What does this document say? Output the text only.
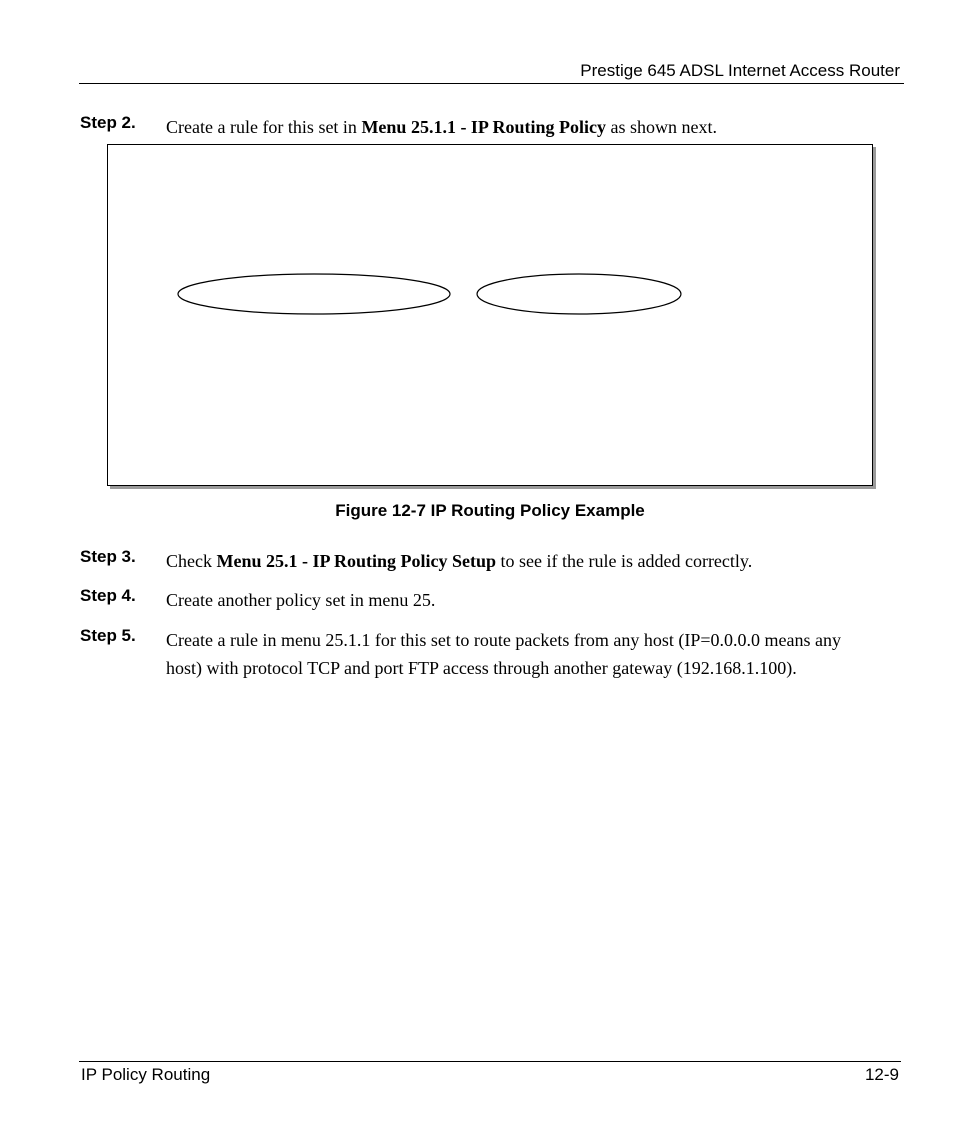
Prestige 645 ADSL Internet Access Router
Step 2. Create a rule for this set in Menu 25.1.1 - IP Routing Policy as shown next.
Figure 12-7 IP Routing Policy Example
Step 3. Check Menu 25.1 - IP Routing Policy Setup to see if the rule is added correctly.
Step 4. Create another policy set in menu 25.
Step 5. Create a rule in menu 25.1.1 for this set to route packets from any host (IP=0.0.0.0 means any host) with protocol TCP and port FTP access through another gateway (192.168.1.100).
IP Policy Routing	12-9
